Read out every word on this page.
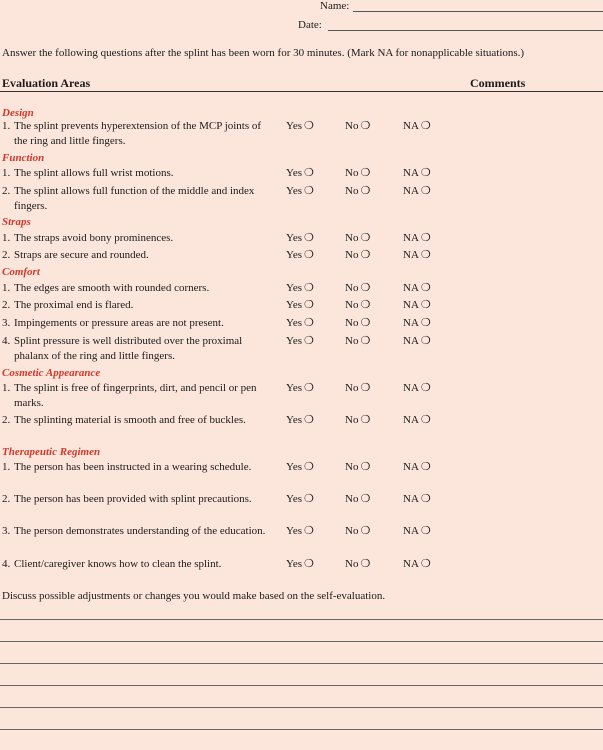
Name:
Date:
Answer the following questions after the splint has been worn for 30 minutes. (Mark NA for nonapplicable situations.)
Evaluation Areas	Comments
Design
1. The splint prevents hyperextension of the MCP joints of the ring and little fingers.
Yes ❍	No ❍	NA ❍
Function
1. The splint allows full wrist motions.	Yes ❍	No ❍	NA ❍
2. The splint allows full function of the middle and index fingers.
Yes ❍	No ❍	NA ❍
Straps
1. The straps avoid bony prominences.	Yes ❍	No ❍	NA ❍
2. Straps are secure and rounded.	Yes ❍	No ❍	NA ❍
Comfort
1. The edges are smooth with rounded corners.	Yes ❍	No ❍	NA ❍
2. The proximal end is flared.	Yes ❍	No ❍	NA ❍
3. Impingements or pressure areas are not present.	Yes ❍	No ❍	NA ❍
4. Splint pressure is well distributed over the proximal phalanx of the ring and little fingers.
Yes ❍	No ❍	NA ❍
Cosmetic Appearance
1. The splint is free of fingerprints, dirt, and pencil or pen marks.
Yes ❍	No ❍	NA ❍
2. The splinting material is smooth and free of buckles.	Yes ❍	No ❍	NA ❍
Therapeutic Regimen
1. The person has been instructed in a wearing schedule.	Yes ❍	No ❍	NA ❍
2. The person has been provided with splint precautions.	Yes ❍	No ❍	NA ❍
3. The person demonstrates understanding of the education.	Yes ❍	No ❍	NA ❍
4. Client/caregiver knows how to clean the splint.	Yes ❍	No ❍	NA ❍
Discuss possible adjustments or changes you would make based on the self-evaluation.
